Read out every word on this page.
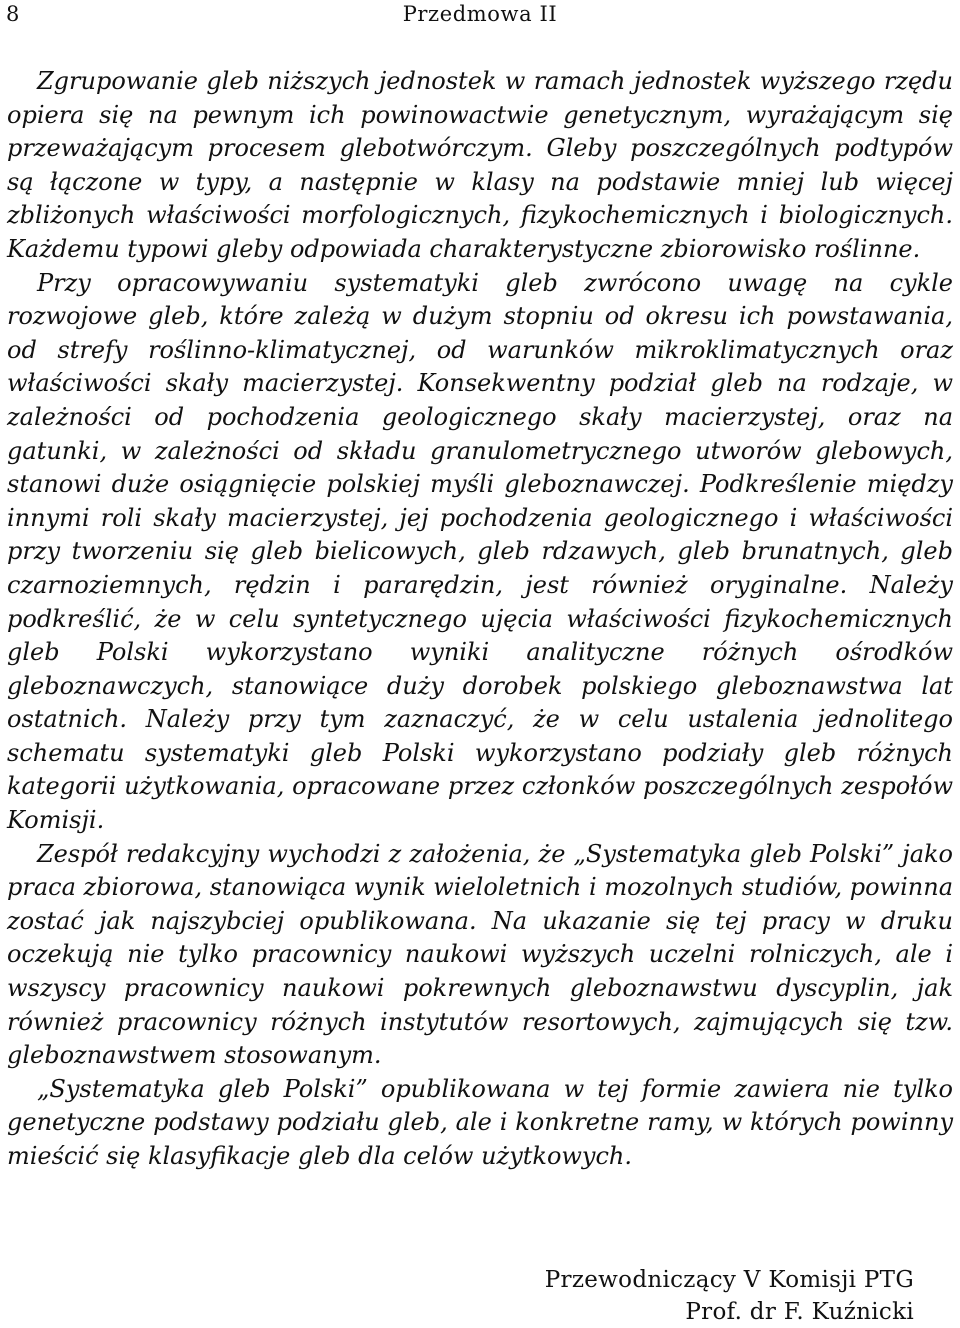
8	Przedmowa II

Zgrupowanie gleb niższych jednostek w ramach jednostek wyższego rzędu opiera się na pewnym ich powinowactwie genetycznym, wyrażającym się przeważającym procesem glebotwórczym. Gleby poszczególnych podtypów są łączone w typy, a następnie w klasy na podstawie mniej lub więcej zbliżonych właściwości morfologicznych, fizykochemicznych i biologicznych. Każdemu typowi gleby odpowiada charakterystyczne zbiorowisko roślinne.

Przy opracowywaniu systematyki gleb zwrócono uwagę na cykle rozwojowe gleb, które zależą w dużym stopniu od okresu ich powstawania, od strefy roślinno-klimatycznej, od warunków mikroklimatycznych oraz właściwości skały macierzystej. Konsekwentny podział gleb na rodzaje, w zależności od pochodzenia geologicznego skały macierzystej, oraz na gatunki, w zależności od składu granulometrycznego utworów glebowych, stanowi duże osiągnięcie polskiej myśli gleboznawczej. Podkreślenie między innymi roli skały macierzystej, jej pochodzenia geologicznego i właściwości przy tworzeniu się gleb bielicowych, gleb rdzawych, gleb brunatnych, gleb czarnoziemnych, rędzin i pararędzin, jest również oryginalne. Należy podkreślić, że w celu syntetycznego ujęcia właściwości fizykochemicznych gleb Polski wykorzystano wyniki analityczne różnych ośrodków gleboznawczych, stanowiące duży dorobek polskiego gleboznawstwa lat ostatnich. Należy przy tym zaznaczyć, że w celu ustalenia jednolitego schematu systematyki gleb Polski wykorzystano podziały gleb różnych kategorii użytkowania, opracowane przez członków poszczególnych zespołów Komisji.

Zespół redakcyjny wychodzi z założenia, że „Systematyka gleb Polski” jako praca zbiorowa, stanowiąca wynik wieloletnich i mozolnych studiów, powinna zostać jak najszybciej opublikowana. Na ukazanie się tej pracy w druku oczekują nie tylko pracownicy naukowi wyższych uczelni rolniczych, ale i wszyscy pracownicy naukowi pokrewnych gleboznawstwu dyscyplin, jak również pracownicy różnych instytutów resortowych, zajmujących się tzw. gleboznawstwem stosowanym.

„Systematyka gleb Polski” opublikowana w tej formie zawiera nie tylko genetyczne podstawy podziału gleb, ale i konkretne ramy, w których powinny mieścić się klasyfikacje gleb dla celów użytkowych.

Przewodniczący V Komisji PTG
Prof. dr F. Kuźnicki
